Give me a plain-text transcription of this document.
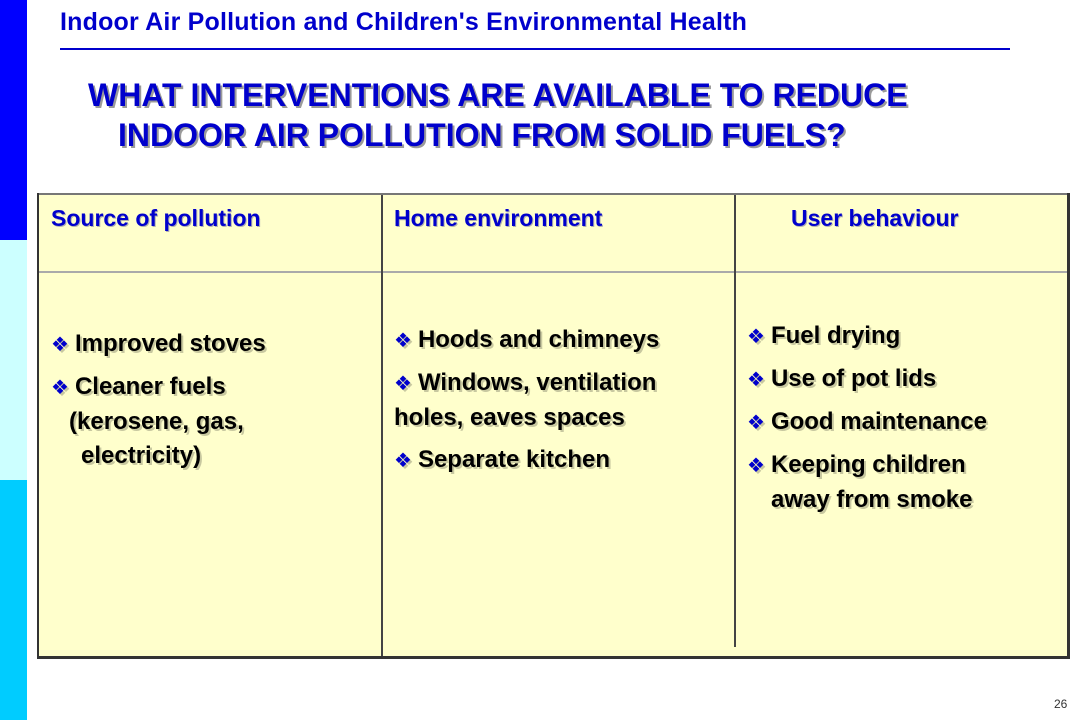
Indoor Air Pollution and Children's Environmental Health
WHAT INTERVENTIONS ARE AVAILABLE TO REDUCE
INDOOR AIR POLLUTION FROM SOLID FUELS?
Source of pollution	Home environment	User behaviour
❖ Improved stoves
❖ Cleaner fuels
(kerosene, gas,
electricity)
❖ Hoods and chimneys
❖ Windows, ventilation holes, eaves spaces
❖ Separate kitchen
❖ Fuel drying
❖ Use of pot lids
❖ Good maintenance
❖ Keeping children
away from smoke
26
